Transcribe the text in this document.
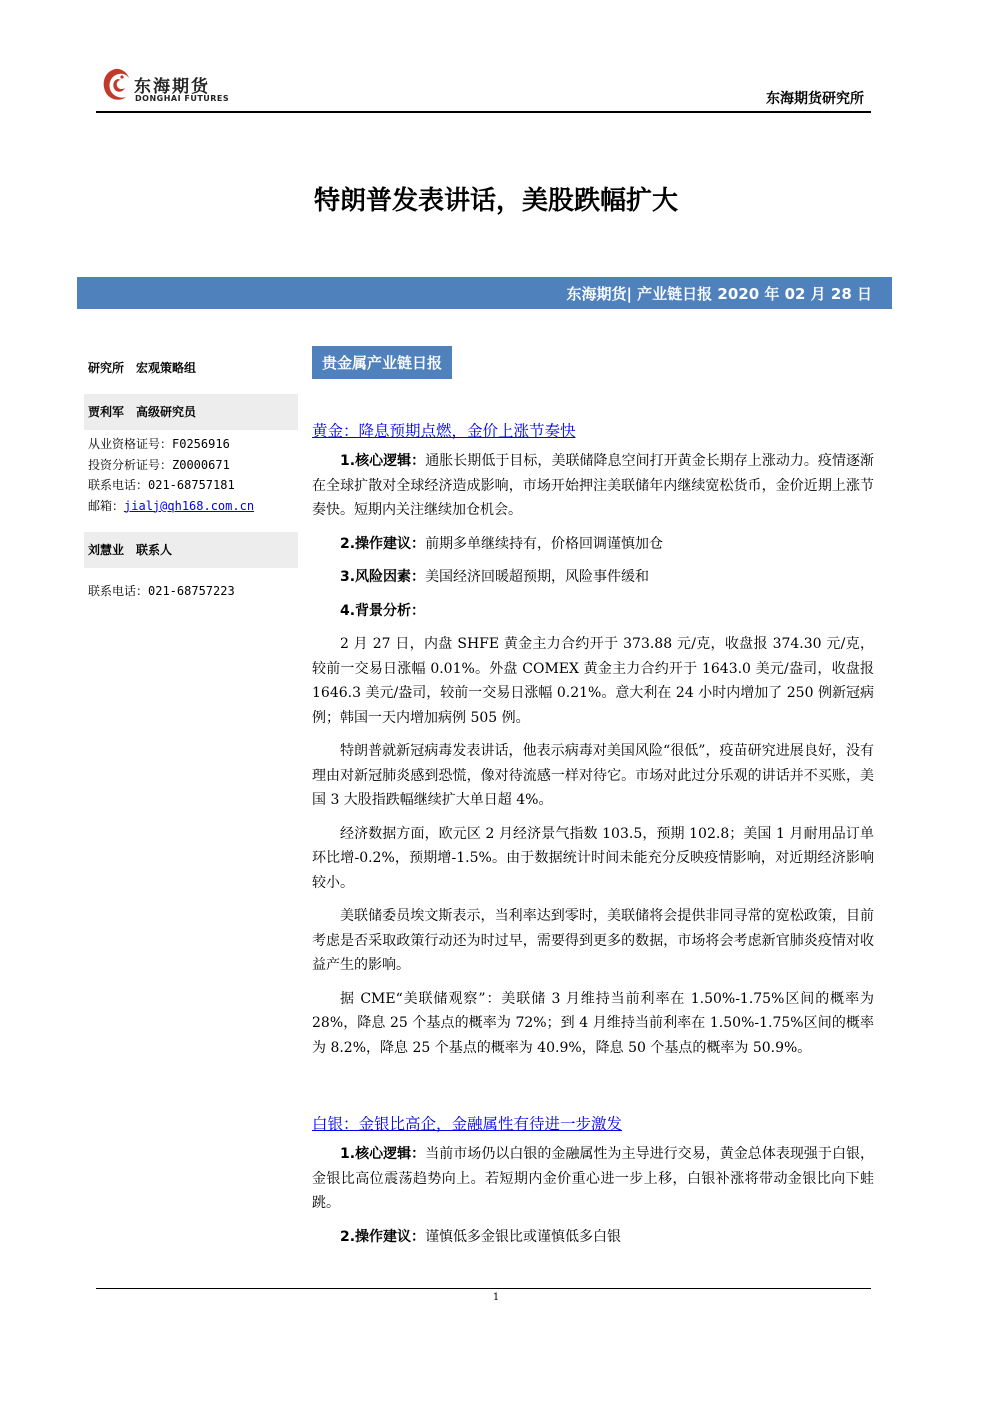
东海期货
DONGHAI FUTURES	东海期货研究所
特朗普发表讲话，美股跌幅扩大
东海期货| 产业链日报 2020 年 02 月 28 日
研究所 宏观策略组
贾利军 高级研究员
从业资格证号：F0256916
投资分析证号：Z0000671
联系电话：021-68757181
邮箱：jialj@qh168.com.cn
刘慧业 联系人
联系电话：021-68757223
贵金属产业链日报
黄金：降息预期点燃，金价上涨节奏快

1.核心逻辑：通胀长期低于目标，美联储降息空间打开黄金长期存上涨动力。疫情逐渐在全球扩散对全球经济造成影响，市场开始押注美联储年内继续宽松货币，金价近期上涨节奏快。短期内关注继续加仓机会。

2.操作建议：前期多单继续持有，价格回调谨慎加仓

3.风险因素：美国经济回暖超预期，风险事件缓和

4.背景分析：

2 月 27 日，内盘 SHFE 黄金主力合约开于 373.88 元/克，收盘报 374.30 元/克，较前一交易日涨幅 0.01%。外盘 COMEX 黄金主力合约开于 1643.0 美元/盎司，收盘报 1646.3 美元/盎司，较前一交易日涨幅 0.21%。意大利在 24 小时内增加了 250 例新冠病例；韩国一天内增加病例 505 例。

特朗普就新冠病毒发表讲话，他表示病毒对美国风险“很低”，疫苗研究进展良好，没有理由对新冠肺炎感到恐慌，像对待流感一样对待它。市场对此过分乐观的讲话并不买账，美国 3 大股指跌幅继续扩大单日超 4%。

经济数据方面，欧元区 2 月经济景气指数 103.5，预期 102.8；美国 1 月耐用品订单环比增-0.2%，预期增-1.5%。由于数据统计时间未能充分反映疫情影响，对近期经济影响较小。

美联储委员埃文斯表示，当利率达到零时，美联储将会提供非同寻常的宽松政策，目前考虑是否采取政策行动还为时过早，需要得到更多的数据，市场将会考虑新官肺炎疫情对收益产生的影响。

据 CME“美联储观察”：美联储 3 月维持当前利率在 1.50%-1.75%区间的概率为 28%，降息 25 个基点的概率为 72%；到 4 月维持当前利率在 1.50%-1.75%区间的概率为 8.2%，降息 25 个基点的概率为 40.9%，降息 50 个基点的概率为 50.9%。

白银：金银比高企，金融属性有待进一步激发

1.核心逻辑：当前市场仍以白银的金融属性为主导进行交易，黄金总体表现强于白银，金银比高位震荡趋势向上。若短期内金价重心进一步上移，白银补涨将带动金银比向下蛙跳。

2.操作建议：谨慎低多金银比或谨慎低多白银

1
